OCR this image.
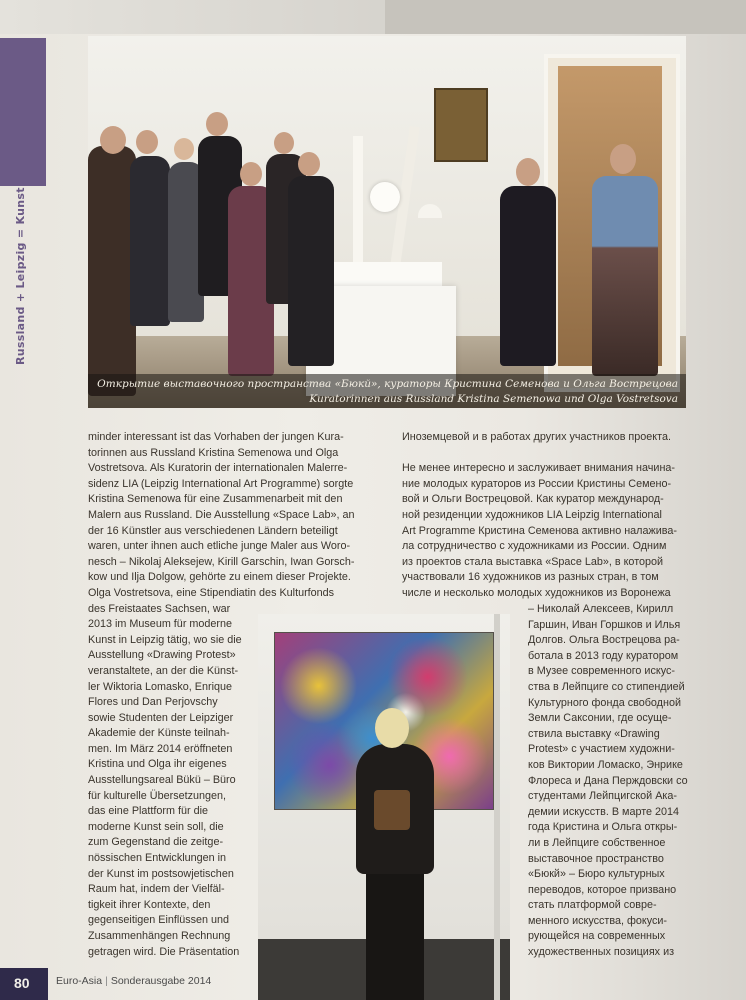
Russland + Leipzig = Kunst

Открытие выставочного пространства «Бюкй», кураторы Кристина Семенова и Ольга Вострецова

Kuratorinnen aus Russland Kristina Semenowa und Olga Vostretsova

minder interessant ist das Vorhaben der jungen Kura-
torinnen aus Russland Kristina Semenowa und Olga
Vostretsova. Als Kuratorin der internationalen Malerre-
sidenz LIA (Leipzig International Art Programme) sorgte
Kristina Semenowa für eine Zusammenarbeit mit den
Malern aus Russland. Die Ausstellung «Space Lab», an
der 16 Künstler aus verschiedenen Ländern beteiligt
waren, unter ihnen auch etliche junge Maler aus Woro-
nesch – Nikolaj Aleksejew, Kirill Garschin, Iwan Gorsch-
kow und Ilja Dolgow, gehörte zu einem dieser Projekte.
Olga Vostretsova, eine Stipendiatin des Kulturfonds
des Freistaates Sachsen, war
2013 im Museum für moderne
Kunst in Leipzig tätig, wo sie die
Ausstellung «Drawing Protest»
veranstaltete, an der die Künst-
ler Wiktoria Lomasko, Enrique
Flores und Dan Perjovschy
sowie Studenten der Leipziger
Akademie der Künste teilnah-
men. Im März 2014 eröffneten
Kristina und Olga ihr eigenes
Ausstellungsareal Bükü – Büro
für kulturelle Übersetzungen,
das eine Plattform für die
moderne Kunst sein soll, die
zum Gegenstand die zeitge-
nössischen Entwicklungen in
der Kunst im postsowjetischen
Raum hat, indem der Vielfäl-
tigkeit ihrer Kontexte, den
gegenseitigen Einflüssen und
Zusammenhängen Rechnung
getragen wird. Die Präsentation
Иноземцевой и в работах других участников проекта.

Не менее интересно и заслуживает внимания начина-
ние молодых кураторов из России Кристины Семено-
вой и Ольги Вострецовой. Как куратор международ-
ной резиденции художников LIA Leipzig International
Art Programme Кристина Семенова активно налажива-
ла сотрудничество с художниками из России. Одним
из проектов стала выставка «Space Lab», в которой
участвовали 16 художников из разных стран, в том
числе и несколько молодых художников из Воронежа
– Николай Алексеев, Кирилл
Гаршин, Иван Горшков и Илья
Долгов. Ольга Вострецова ра-
ботала в 2013 году куратором
в Музее современного искус-
ства в Лейпциге со стипендией
Культурного фонда свободной
Земли Саксонии, где осуще-
ствила выставку «Drawing
Protest» с участием художни-
ков Виктории Ломаско, Энрике
Флореса и Дана Перждовски со
студентами Лейпцигской Ака-
демии искусств. В марте 2014
года Кристина и Ольга откры-
ли в Лейпциге собственное
выставочное пространство
«Бюкй» – Бюро культурных
переводов, которое призвано
стать платформой совре-
менного искусства, фокуси-
рующейся на современных
художественных позициях из
80	Euro-Asia | Sonderausgabe 2014
